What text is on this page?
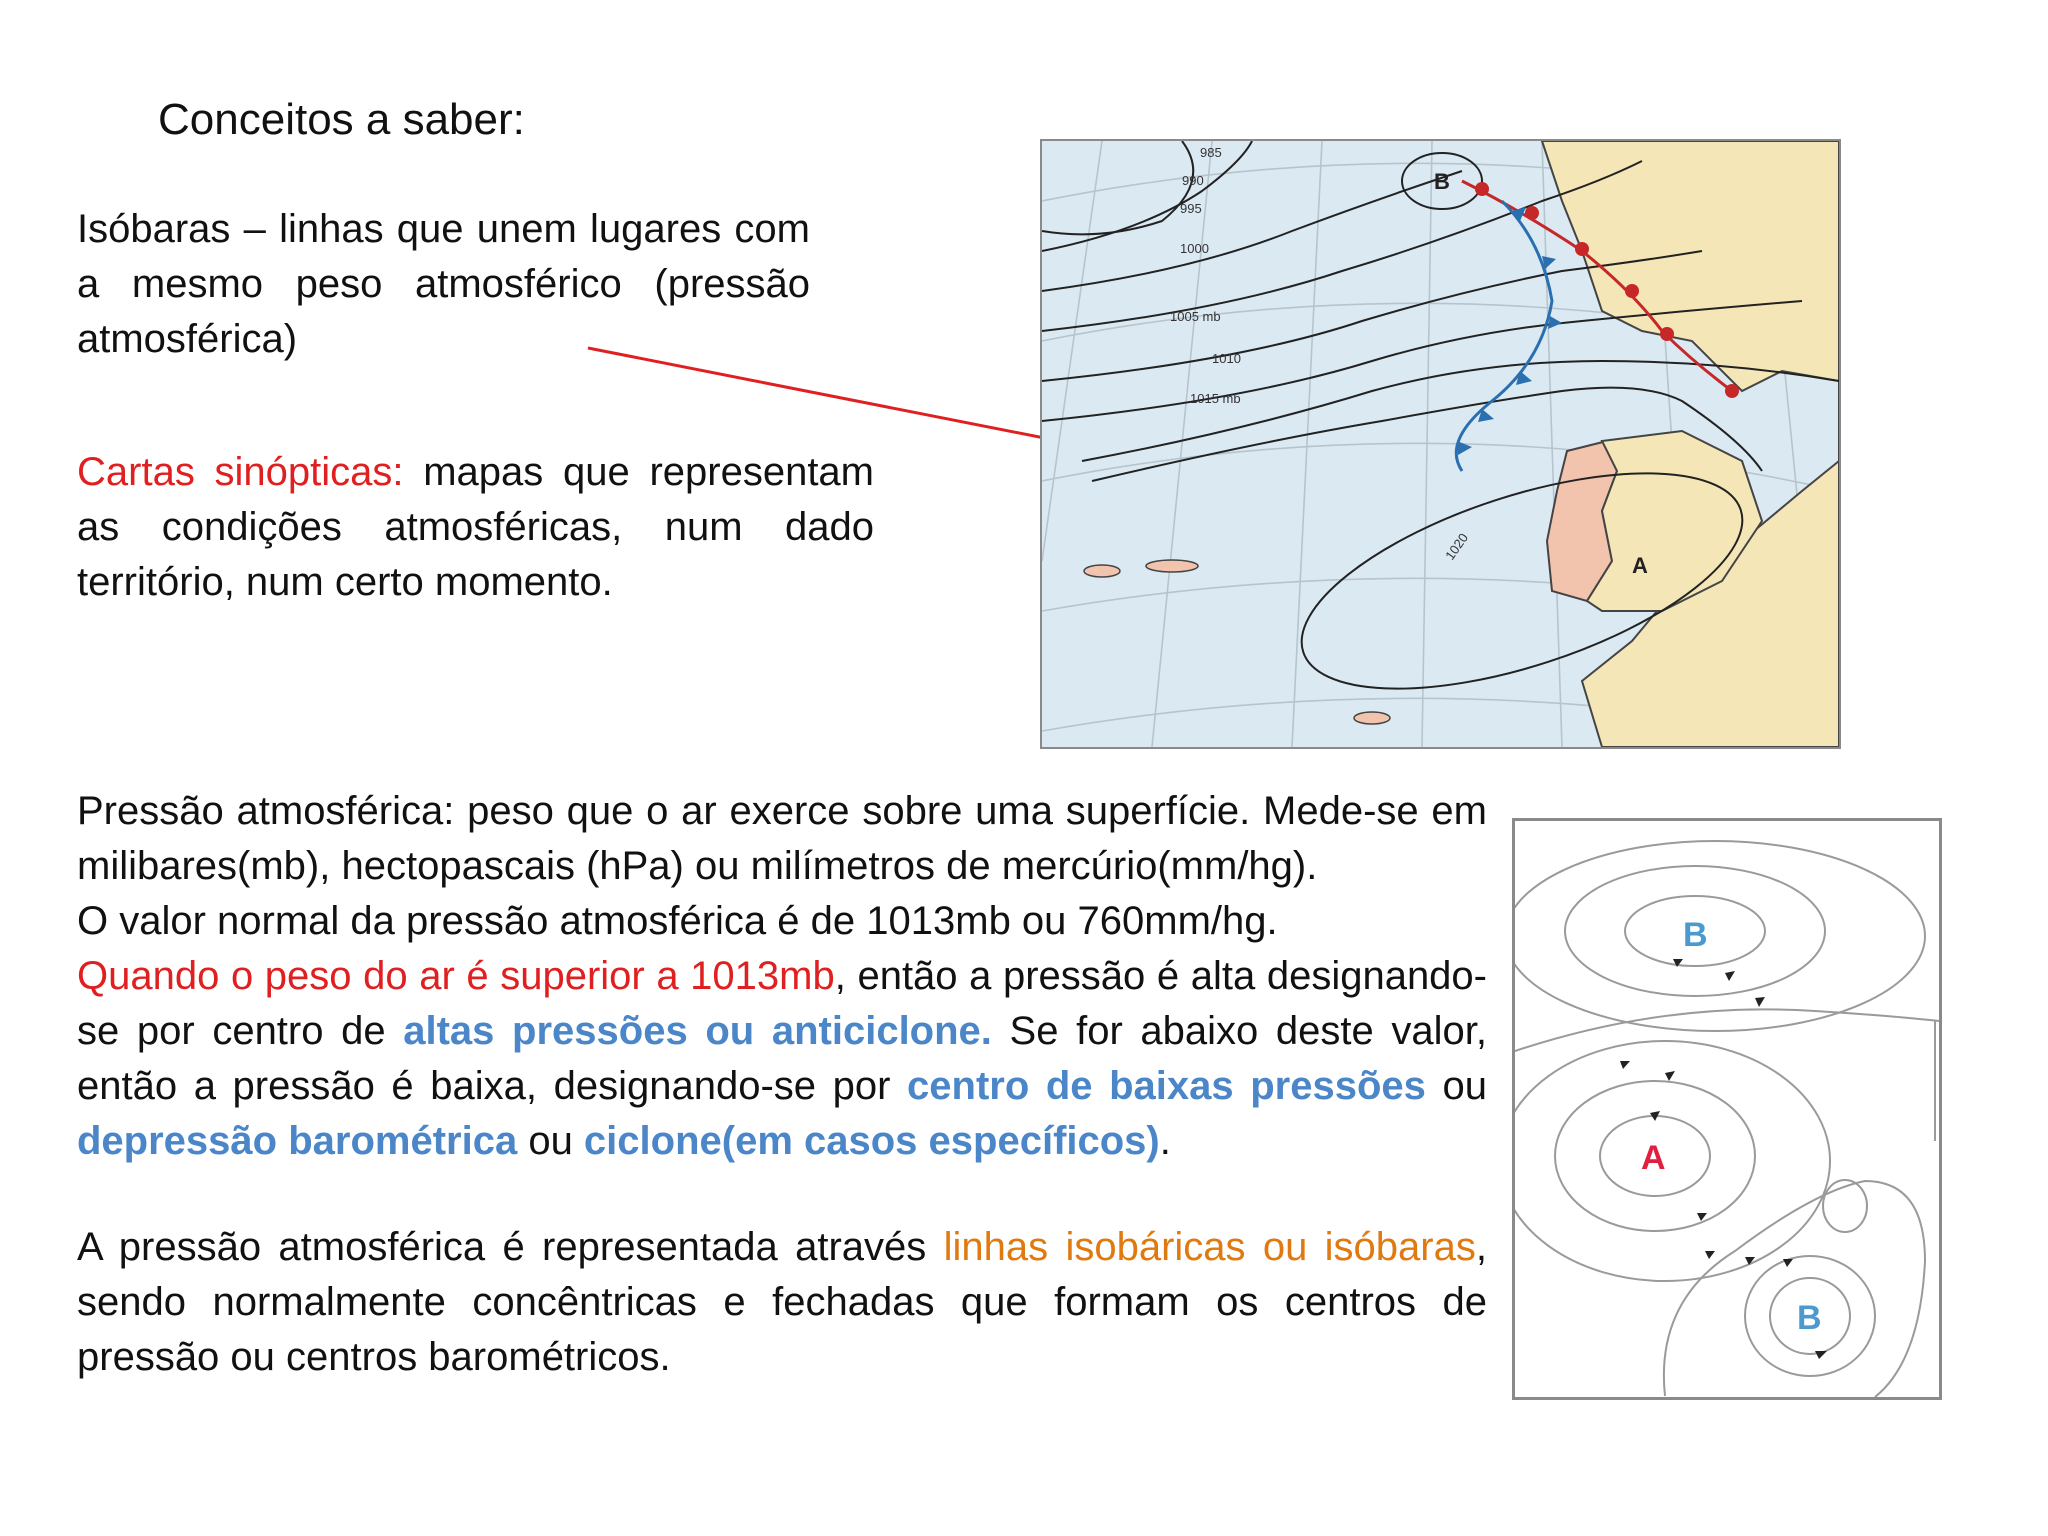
Conceitos a saber:
Isóbaras – linhas que unem lugares com a mesmo peso atmosférico (pressão atmosférica)
Cartas sinópticas: mapas que representam as condições atmosféricas, num dado território, num certo momento.
985
990
995
1000
1005 mb
1010
1015 mb
1020
B
A
Pressão atmosférica: peso que o ar exerce sobre uma superfície. Mede-se em milibares(mb), hectopascais (hPa) ou milímetros de mercúrio(mm/hg).
O valor normal da pressão atmosférica é de 1013mb ou 760mm/hg.
Quando o peso do ar é superior a 1013mb, então a pressão é alta designando-se por centro de altas pressões ou anticiclone. Se for abaixo deste valor, então a pressão é baixa, designando-se por centro de baixas pressões ou depressão barométrica ou ciclone(em casos específicos).
A pressão atmosférica é representada através linhas isobáricas ou isóbaras, sendo normalmente concêntricas e fechadas que formam os centros de pressão ou centros barométricos.
B
A
B
